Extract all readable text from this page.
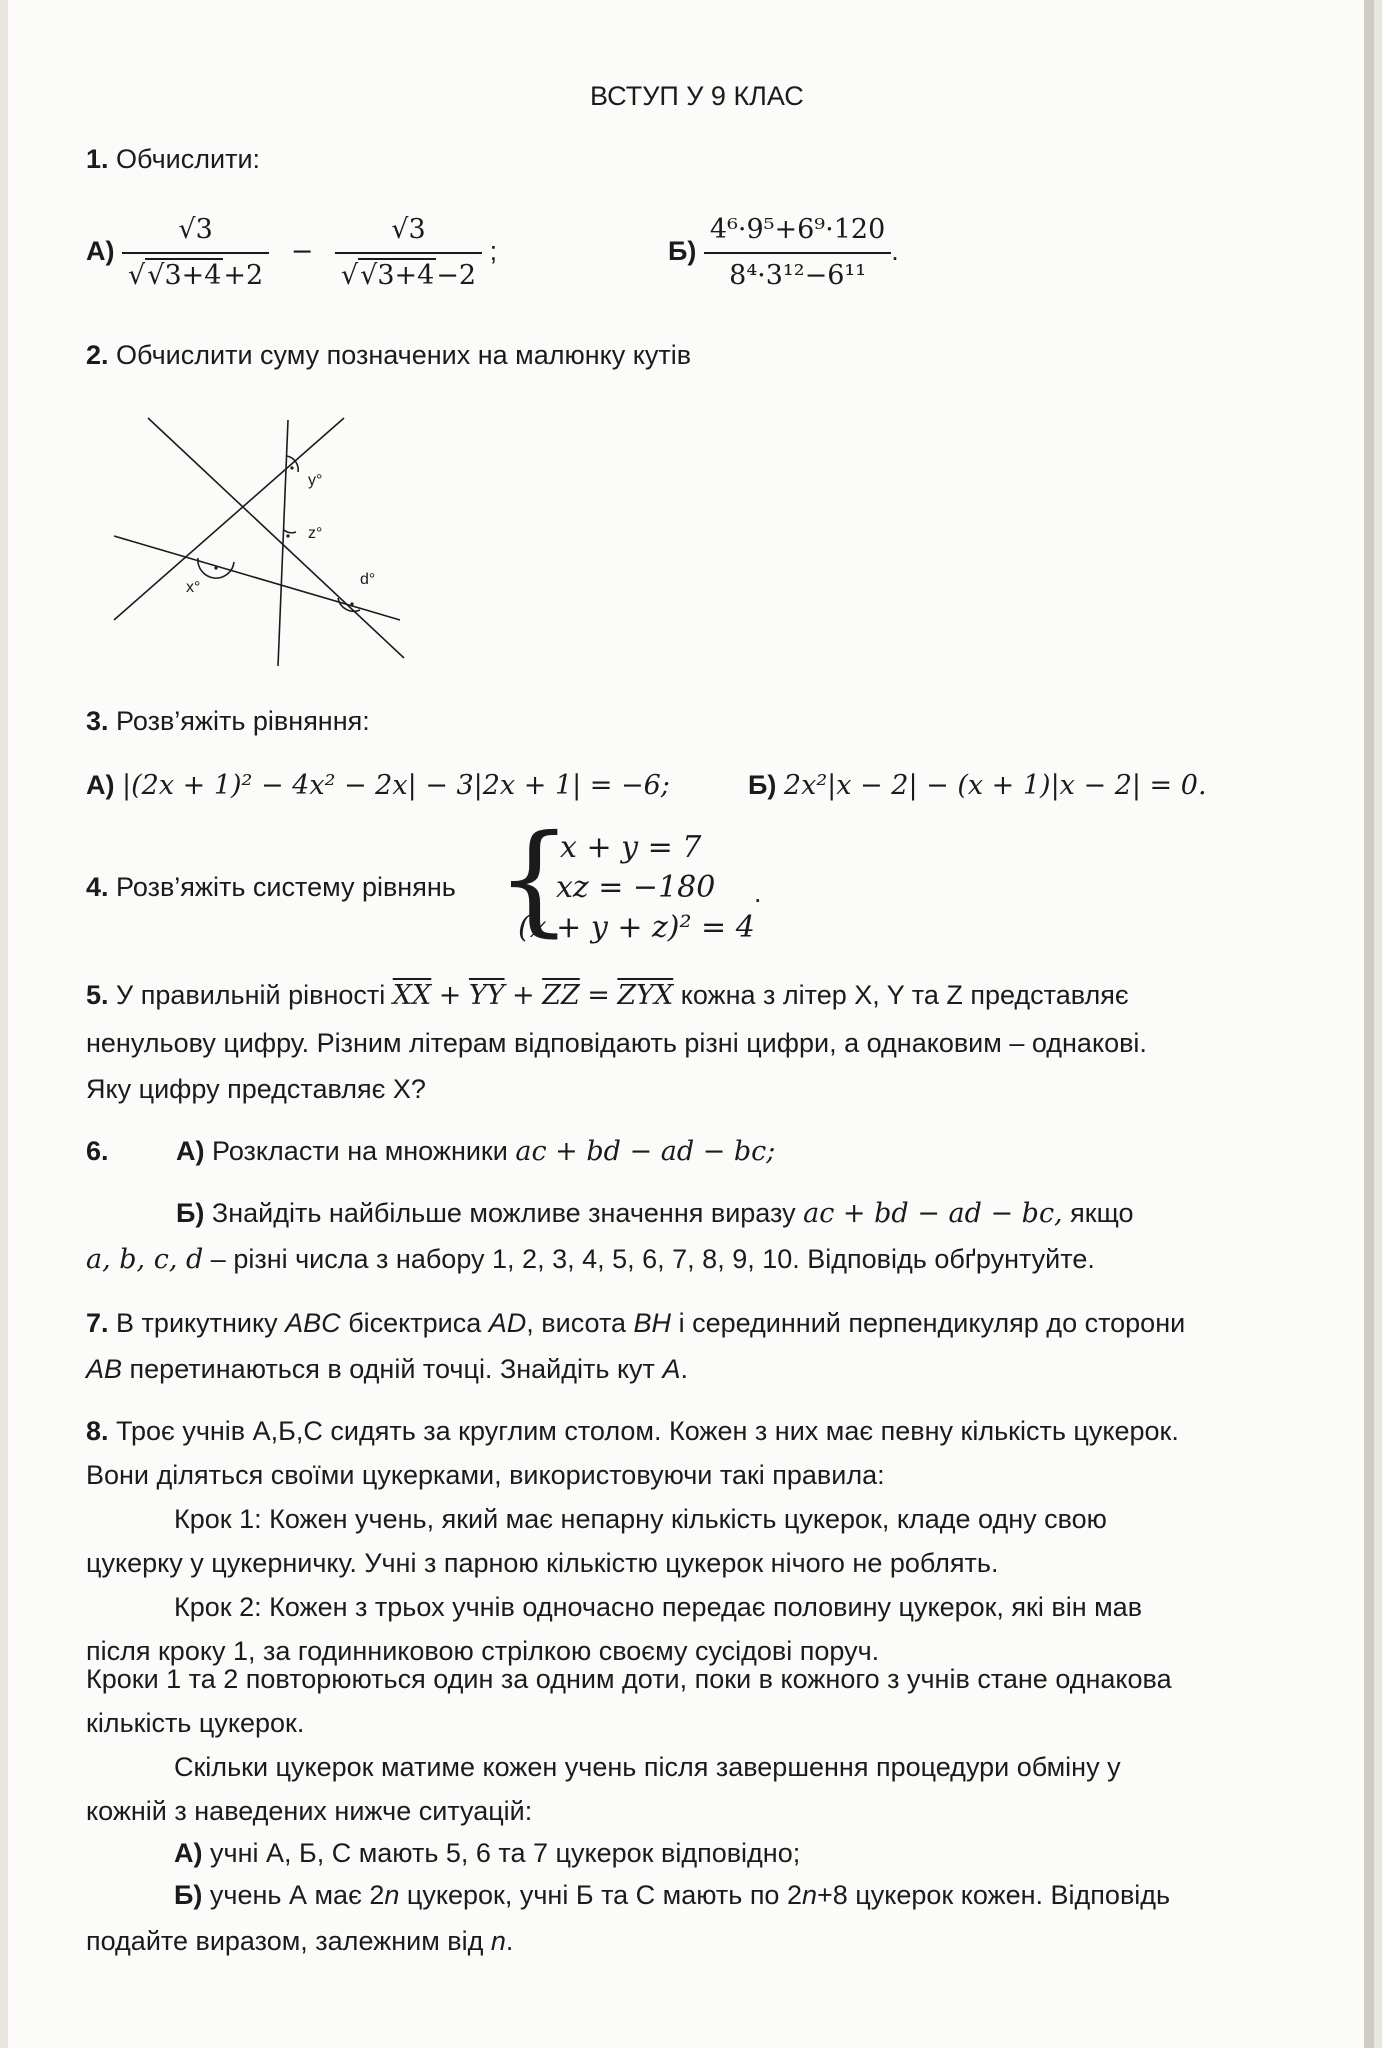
ВСТУП У 9 КЛАС
1. Обчислити:
$А) \frac{√3}{√√3+4+2} - \frac{√3}{√√3+4-2}$ ;	$Б) \frac{\text{4⁶·9⁵+6⁹·120}}{\text{8⁴·3¹²−6¹¹}}$ .
2. Обчислити суму позначених на малюнку кутів
y°
z°
x°	d°
3. Розв’яжіть рівняння:
А) |(2x + 1)² − 4x² − 2x| − 3|2x + 1| = −6;	Б) 2x²|x − 2| − (x + 1)|x − 2| = 0.
4. Розв’яжіть систему рівнянь {
x + y = 7
xz = −180
(x + y + z)² = 4
.
5. У правильній рівності $\overline{XX} + \overline{YY} + \overline{ZZ} = \overline{ZYX}$ кожна з літер X, Y та Z представляє
ненульову цифру. Різним літерам відповідають різні цифри, а однаковим – однакові.
Яку цифру представляє X?
6. А) Розкласти на множники ac + bd − ad − bc;
Б) Знайдіть найбільше можливе значення виразу ac + bd − ad − bc, якщо
a, b, c, d – різні числа з набору 1, 2, 3, 4, 5, 6, 7, 8, 9, 10. Відповідь обґрунтуйте.
7. В трикутнику ABC бісектриса AD, висота BH і серединний перпендикуляр до сторони
AB перетинаються в одній точці. Знайдіть кут A.
8. Троє учнів А,Б,С сидять за круглим столом. Кожен з них має певну кількість цукерок.
Вони діляться своїми цукерками, використовуючи такі правила:
Крок 1: Кожен учень, який має непарну кількість цукерок, кладе одну свою
цукерку у цукерничку. Учні з парною кількістю цукерок нічого не роблять.
Крок 2: Кожен з трьох учнів одночасно передає половину цукерок, які він мав
після кроку 1, за годинниковою стрілкою своєму сусідові поруч.
Кроки 1 та 2 повторюються один за одним доти, поки в кожного з учнів стане однакова
кількість цукерок.
Скільки цукерок матиме кожен учень після завершення процедури обміну у
кожній з наведених нижче ситуацій:
А) учні А, Б, С мають 5, 6 та 7 цукерок відповідно;
Б) учень А має 2n цукерок, учні Б та С мають по 2n+8 цукерок кожен. Відповідь
подайте виразом, залежним від n.
